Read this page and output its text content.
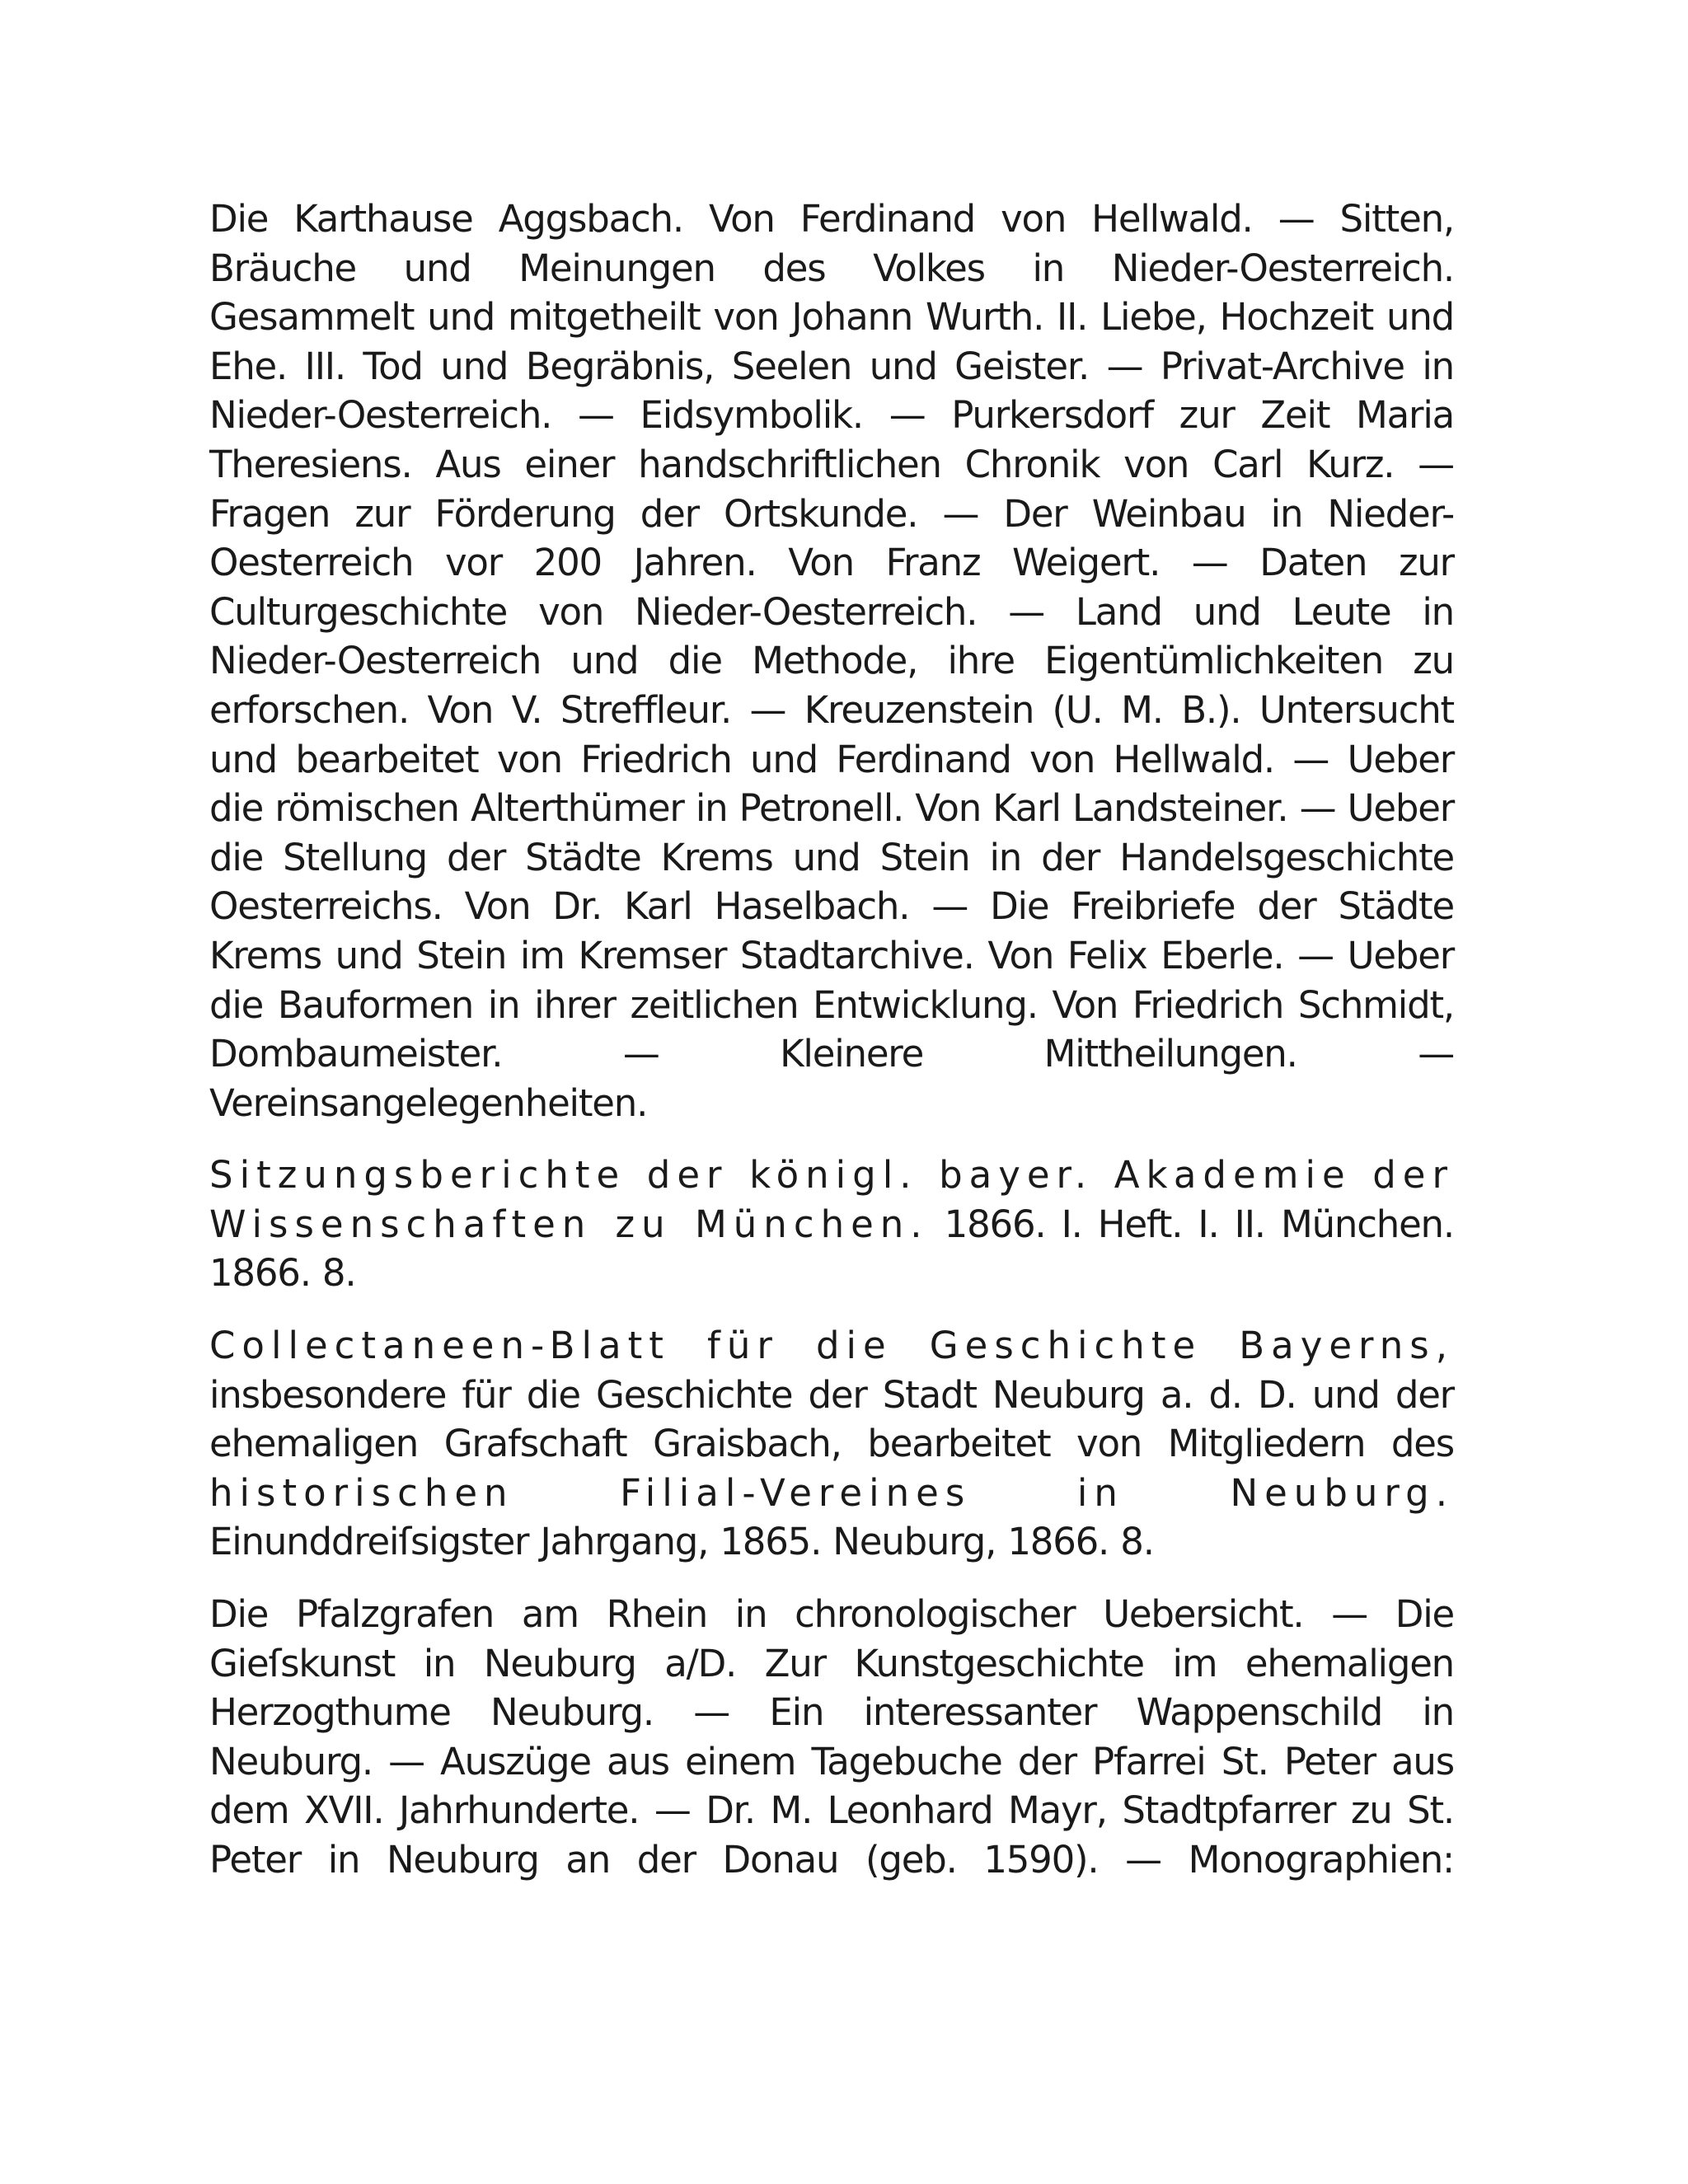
Die Karthause Aggsbach. Von Ferdinand von Hellwald. — Sitten, Bräuche und Meinungen des Volkes in Nieder-Oesterreich. Gesammelt und mitgetheilt von Johann Wurth. II. Liebe, Hochzeit und Ehe. III. Tod und Begräbnis, Seelen und Geister. — Privat-Archive in Nieder-Oesterreich. — Eidsymbolik. — Purkersdorf zur Zeit Maria Theresiens. Aus einer handschriftlichen Chronik von Carl Kurz. — Fragen zur Förderung der Ortskunde. — Der Weinbau in Nieder-Oesterreich vor 200 Jahren. Von Franz Weigert. — Daten zur Culturgeschichte von Nieder-Oesterreich. — Land und Leute in Nieder-Oesterreich und die Methode, ihre Eigentümlichkeiten zu erforschen. Von V. Streffleur. — Kreuzenstein (U. M. B.). Untersucht und bearbeitet von Friedrich und Ferdinand von Hellwald. — Ueber die römischen Alterthümer in Petronell. Von Karl Landsteiner. — Ueber die Stellung der Städte Krems und Stein in der Handelsgeschichte Oesterreichs. Von Dr. Karl Haselbach. — Die Freibriefe der Städte Krems und Stein im Kremser Stadtarchive. Von Felix Eberle. — Ueber die Bauformen in ihrer zeitlichen Entwicklung. Von Friedrich Schmidt, Dombaumeister. — Kleinere Mittheilungen. — Vereinsangelegenheiten.

Sitzungsberichte der königl. bayer. Akademie der Wissenschaften zu München. 1866. I. Heft. I. II. München. 1866. 8.

Collectaneen-Blatt für die Geschichte Bayerns, insbesondere für die Geschichte der Stadt Neuburg a. d. D. und der ehemaligen Grafschaft Graisbach, bearbeitet von Mitgliedern des historischen Filial-Vereines in Neuburg. Einunddreiſsigster Jahrgang, 1865. Neuburg, 1866. 8.

Die Pfalzgrafen am Rhein in chronologischer Uebersicht. — Die Gieſskunst in Neuburg a/D. Zur Kunstgeschichte im ehemaligen Herzogthume Neuburg. — Ein interessanter Wappenschild in Neuburg. — Auszüge aus einem Tagebuche der Pfarrei St. Peter aus dem XVII. Jahrhunderte. — Dr. M. Leonhard Mayr, Stadtpfarrer zu St. Peter in Neuburg an der Donau (geb. 1590). — Monographien:
